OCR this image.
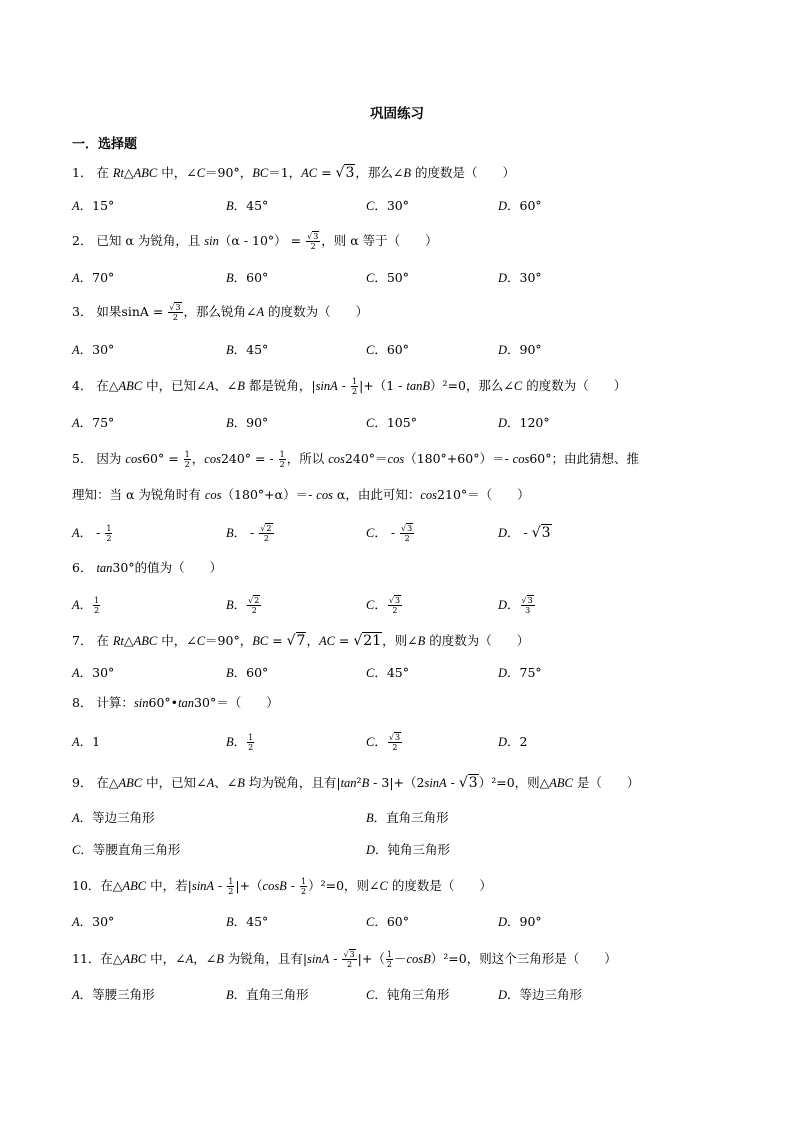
巩固练习
一．选择题
1． 在 Rt△ABC 中，∠C＝90°，BC＝1，AC = √3，那么∠B 的度数是（　　）
A．15°	B．45°	C．30°	D．60°
2． 已知 α 为锐角，且 $\sin(\alpha - 10^\circ) = \frac{√3}{2}$ ，则 α 等于（　　）
A．70°	B．60°	C．50°	D．30°
3． 如果$\sin A = \frac{√3}{2}$ ，那么锐角∠A 的度数为（　　）
A．30°	B．45°	C．60°	D．90°
4． 在△ABC 中，已知∠A、∠B 都是锐角，$|\sin A - \frac{1}{2} |+(1 - \tan B)^2=0$，那么∠C 的度数为（　　）
A．75°	B．90°	C．105°	D．120°
5． 因为 $\cos 60^\circ = \frac{1}{2}$ ，cos240° = - $\frac{1}{2}$ ，所以 cos240°＝cos（180°+60°）＝- cos60°；由此猜想、推
理知：当 α 为锐角时有 cos（180°+α）＝- cos α，由此可知：cos210°＝（　　）
A． - $\frac{1}{2}$	B． - $\frac{√2}{2}$	C． - $\frac{√3}{2}$	D． - √3
6． tan30°的值为（　　）
A． $\frac{1}{2}$	B． $\frac{√2}{2}$	C． $\frac{√3}{2}$	D． $\frac{√3}{3}$
7． 在 Rt△ABC 中，∠C＝90°，BC = √7，AC = √21，则∠B 的度数为（　　）
A．30°	B．60°	C．45°	D．75°
8． 计算：sin60°•tan30°＝（　　）
A．1	B． $\frac{1}{2}$	C． $\frac{√3}{2}$	D．2
9． 在△ABC 中，已知∠A、∠B 均为锐角，且有|tan²B - 3|+（2sinA - √3）²=0，则△ABC 是（　　）
A．等边三角形	B．直角三角形
C．等腰直角三角形	D．钝角三角形
10．在△ABC 中，若$|\sin A - \frac{1}{2} |+(\cos B - \frac{1}{2} )^2=0$，则∠C 的度数是（　　）
A．30°	B．45°	C．60°	D．90°
11．在△ABC 中，∠A，∠B 为锐角，且有$|\sin A - \frac{√3}{2}$ |+（ $\frac{1}{2} -\cos B)^2=0$，则这个三角形是（　　）
A．等腰三角形	B．直角三角形	C．钝角三角形	D．等边三角形
